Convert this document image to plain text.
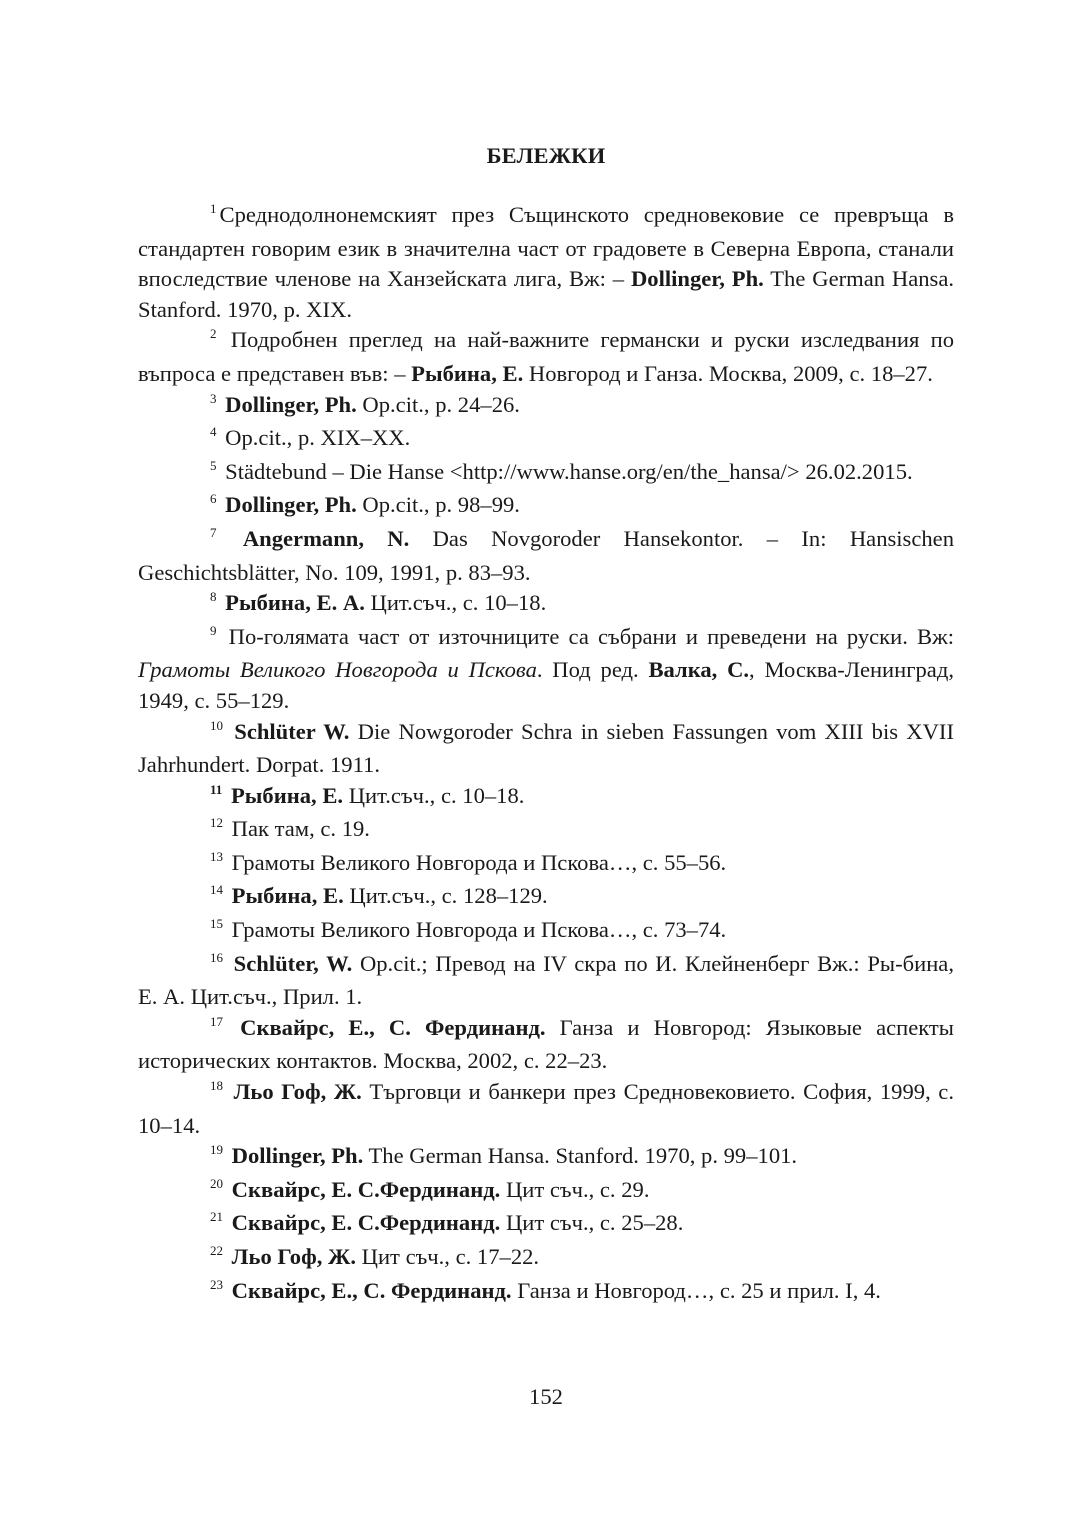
БЕЛЕЖКИ

$^1$ Среднодолнонемският през Същинското средновековие се превръща в стандартен говорим език в значителна част от градовете в Северна Европа, станали впоследствие членове на Ханзейската лига, Вж: – Dollinger, Ph. The German Hansa. Stanford. 1970, p. XIX.

$^2$ Подробнен преглед на най-важните германски и руски изследвания по въпроса е представен във: – Рыбина, Е. Новгород и Ганза. Москва, 2009, с. 18–27.

$^3$ Dollinger, Ph. Op.cit., p. 24–26.

$^4$ Op.cit., p. XIX–XX.

$^5$ Städtebund – Die Hanse <http://www.hanse.org/en/the_hansa/> 26.02.2015.

$^6$ Dollinger, Ph. Op.cit., p. 98–99.

$^7$ Angermann, N. Das Novgoroder Hansekontor. – In: Hansischen Geschichtsblätter, No. 109, 1991, p. 83–93.

$^8$ Рыбина, Е. А. Цит.съч., с. 10–18.

$^9$ По-голямата част от източниците са събрани и преведени на руски. Вж: Грамоты Великого Новгорода и Пскова. Под ред. Валка, С., Москва-Ленинград, 1949, с. 55–129.

$^{10}$ Schlüter W. Die Nowgoroder Schra in sieben Fassungen vom XIII bis XVII Jahrhundert. Dorpat. 1911.

$^{11}$ Рыбина, Е. Цит.съч., с. 10–18.

$^{12}$ Пак там, с. 19.

$^{13}$ Грамоты Великого Новгорода и Пскова…, с. 55–56.

$^{14}$ Рыбина, Е. Цит.съч., с. 128–129.

$^{15}$ Грамоты Великого Новгорода и Пскова…, с. 73–74.

$^{16}$ Schlüter, W. Op.cit.; Превод на IV скра по И. Клейненберг Вж.: Ры-бина, Е. А. Цит.съч., Прил. 1.

$^{17}$ Сквайрс, Е., С. Фердинанд. Ганза и Новгород: Языковые аспекты исторических контактов. Москва, 2002, с. 22–23.

$^{18}$ Льо Гоф, Ж. Търговци и банкери през Средновековието. София, 1999, с. 10–14.

$^{19}$ Dollinger, Ph. The German Hansa. Stanford. 1970, p. 99–101.

$^{20}$ Сквайрс, Е. С.Фердинанд. Цит съч., с. 29.

$^{21}$ Сквайрс, Е. С.Фердинанд. Цит съч., с. 25–28.

$^{22}$ Льо Гоф, Ж. Цит съч., с. 17–22.

$^{23}$ Сквайрс, Е., С. Фердинанд. Ганза и Новгород…, с. 25 и прил. I, 4.

152
